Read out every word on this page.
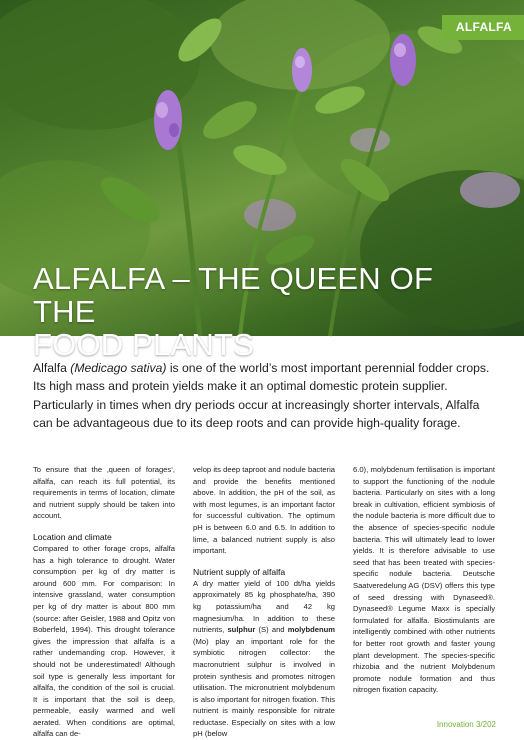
ALFALFA
ALFALFA – THE QUEEN OF THE
FOOD PLANTS

Alfalfa (Medicago sativa) is one of the world’s most important perennial fodder crops. Its high mass and protein yields make it an optimal domestic protein supplier. Particularly in times when dry periods occur at increasingly shorter intervals, Alfalfa can be advantageous due to its deep roots and can provide high-quality forage.

To ensure that the ‚queen of forages‘, alfalfa, can reach its full potential, its requirements in terms of location, climate and nutrient supply should be taken into account.

Location and climate

Compared to other forage crops, alfalfa has a high tolerance to drought. Water consumption per kg of dry matter is around 600 mm. For comparison: In intensive grassland, water consumption per kg of dry matter is about 800 mm (source: after Geisler, 1988 and Opitz von Boberfeld, 1994). This drought tolerance gives the impression that alfalfa is a rather undemanding crop. However, it should not be underestimated! Although soil type is generally less important for alfalfa, the condition of the soil is crucial. It is important that the soil is deep, permeable, easily warmed and well aerated. When conditions are optimal, alfalfa can de-

velop its deep taproot and nodule bacteria and provide the benefits mentioned above. In addition, the pH of the soil, as with most legumes, is an important factor for successful cultivation. The optimum pH is between 6.0 and 6.5. In addition to lime, a balanced nutrient supply is also important.

Nutrient supply of alfalfa

A dry matter yield of 100 dt/ha yields approximately 85 kg phosphate/ha, 390 kg potassium/ha and 42 kg magnesium/ha. In addition to these nutrients, sulphur (S) and molybdenum (Mo) play an important role for the symbiotic nitrogen collector: the macronutrient sulphur is involved in protein synthesis and promotes nitrogen utilisation. The micronutrient molybdenum is also important for nitrogen fixation. This nutrient is mainly responsible for nitrate reductase. Especially on sites with a low pH (below

6.0), molybdenum fertilisation is important to support the functioning of the nodule bacteria. Particularly on sites with a long break in cultivation, efficient symbiosis of the nodule bacteria is more difficult due to the absence of species-specific nodule bacteria. This will ultimately lead to lower yields. It is therefore advisable to use seed that has been treated with species-specific nodule bacteria. Deutsche Saatveredelung AG (DSV) offers this type of seed dressing with Dynaseed®. Dynaseed® Legume Maxx is specially formulated for alfalfa. Biostimulants are intelligently combined with other nutrients for better root growth and faster young plant development. The species-specific rhizobia and the nutrient Molybdenum promote nodule formation and thus nitrogen fixation capacity.

Innovation 3/202
